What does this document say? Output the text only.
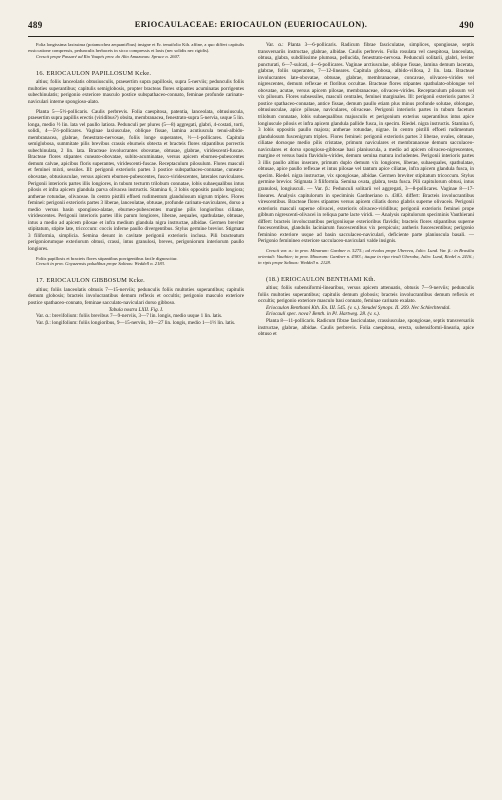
489	ERIOCAULACEAE: ERIOCAULON (EUERIOCAULON).	490

Folia longissima laxissima (potamochea aequanti!bus) insigne et Er. tenuifolio Kth. affine, a quo differt capitulis exsiccatione compressis, pedunculis herbaceis in sicco compressis et laxis (nec solidis nec rigidis).

Crescit prope Passaré ad Rio Vaupés prov. do Alto Amazonas: Spruce n. 2607.

16. ERIOCAULON PAPILLOSUM Kcke.

altius; foliis lanceolatis obtusiusculis, praesertim supra papillosis, supra 5-nerviis; pedunculis foliis multoties superantibus; capitulis semiglobosis, propter bracteas flores stipantes acuminatas porrigentes subechinulatis; perigonio exteriore masculo postice subspathaceo-connato, feminae profunde carinato-naviculari interne spongioso-alato.

Planta 5—5½-pollicaris. Caulis perbrevis. Folia caespitosa, patentia, lanceolata, obtusiuscula, praesertim supra papillis erectis (viridibus?) obsita, membranacea, fenestrato-supra 5-nervia, usque 5 lin. longa, medio ½ lin. lata vel paullo latiora. Pedunculi per plures (5—8) aggregati, glabri, 4-costati, torti, solidi, 4—5½-pollicares. Vaginae laxiusculae, oblique fissae, lamina acutiuscula tenui-albido-membranacea, glabrae, fenestrato-nervosae, foliis longe superantes, ½—1-pollicares. Capitula semiglobosa, summitate pilis brevibus crassis eburneis obtecta et bracteis flores stipantibus porrectis subechinulata, 2 lin. lata. Bracteae involucrantes obovatae, obtusae, glabrae, viridescenti-fuscae. Bracteae flores stipantes cuneato-obovatae, subito-acuminatae, versus apicem eburneo-pubescentes demum calvae, apicibus floris superantes, viridescenti-fuscae. Receptaculum pilosulum. Flores masculi et feminei mixti, sessiles. Ill: perigonii exterioris partes 3 postice subspathaceo-connatae, cuneato-obovatae, obtusiusculae, versus apicem eburneo-pubescentes, fusco-viridescentes, laterales naviculares. Perigonii interioris partes illis longiores, in tubum tecturm trilobum connatae, lobis subaequalibus intus pilosis et infra apicem glandula parva olivacea instructis. Stamina 6, 3 lobis oppositis paullo longiora; antherae rotundae, olivaceae. In centro pistilli effoeti rudimentum glandulosum nigrum triplex. Flores feminei: perigonii exterioris partes 3 liberae, lanceolatae, obtusae, profunde carinato-naviculares, dorso a medio versus basin spongioso-alatae, eburneo-pubescentes margine pilis longioribus ciliatae, viridescentes. Perigonii interioris partes illis parum longiores, liberae, aequales, spathulatae, obtusae, intus a medio ad apicem pilosae et infra medium glandula nigra instructae, albidae. Germen breviter stipitatum, stipite late, triccccum: coccis inferne paullo divergentibus. Stylus germine brevior. Stigmata 3 filiformia, simplicia. Semina desunt in cavitate perigonii exterioris inclusa. Pili bracteatum perigoniorumque exteriorum obtusi, crassi, intus granulosi, breves, perigoniorum interiorum paullo longiores.

Foliis papillosis et bracteis flores stipantibus porrigentibus facile dignoscitur.

Crescit in prov. Goyazensis paludibus prope Salinas: Weddell n. 2183.

17. ERIOCAULON GIBBOSUM Kcke.

altius; foliis lanceolatis obtusis 7—15-nerviis; pedunculis foliis multoties superantibus; capitulis demum globosis; bracteis involucrantibus demum reflexis et occultis; perigonio masculo exteriore postice spathaceo-connato, feminae sacculato-naviculari dorso gibboso.

Tabula nostra LXII. Fig. I.

Var. α.: brevifolium: foliis brevibus 7—9-nerviis, 3—7 lin. longis, medio usque 1 lin. latis.

Var. β.: longifolium: foliis longioribus, 9—15-nerviis, 10—27 lin. longis, medio 1—1½ lin. latis.

Var. α.: Planta 3—6-pollicaris. Radicum fibrae fasciculatae, simplices, spongiosae, septis transversariis instructae, glabrae, albidae. Caulis perbrevis. Folia rosulata vel caespitosa, lanceolata, obtusa, glabra, subdilissime plumosa, pellucida, fenestrato-nervosa. Pedunculi solitarii, glabri, leviter puncturati, 6—7-sulcati, 4—6-pollicares. Vaginae arctiusculae, oblique fissae, lamina demum lacerata, glabrae, foliis superantes, 7—12-lineares. Capitula globosa, albido-villosa, 2 lin. lata. Bracteae involucrantes late-obovatae, obtusae, glabrae, membranaceae, concavae, olivaceo-virides vel nigrescentes, demum reflexae et floribus occultae. Bracteae flores stipantes spathulato-oblongae vel obovatae, acutae, versus apicem pilosae, membranaceae, olivaceo-virides. Receptaculum pilosum vel vix pilosum. Flores subsessiles, masculi centrales, feminei marginales. Ill: perigonii exterioris partes 3 postice spathaceo-connatae, antice fissae, demum paullo etiam plus minus profunde solutae, oblongae, obtusiusculae, apice pilosae, naviculares, olivaceae. Perigonii interioris partes in tubum facetum trilobum connatae, lobis subaequalibus majusculis et perigonium exterius superantibus intus apice longiuscule pilosis et infra apicem glandula pallide fusca, in specim. Riedel. nigra instructis. Stamina 6, 3 lobis oppositis paullo majora; antherae rotundae, nigrae. In centro pistilli effoeti rudimentum glandulosum fuscenigrum triplex. Flores feminei: perigonii exterioris partes 3 liberae, ovales, obtusae, ciliatae dorsoque medio pilis cristatae, primum naviculares et membranaceae demum sacculaceo-naviculares et dorso spongioso-gibbosae basi planiuscula, a medio ad apicem olivaceo-nigrescentes, margine et versus basin flavidulo-virides, demum semina matura includentes. Perigonii interioris partes 3 illis paullo altius inserare, primum duplo demum vix longiores, liberae, subaequales, spathulatae, obtusae, apice paullo reflexae et intus pilosae vel tantum apice ciliatae, infra apicem glandula fusca, in specim. Riedel. nigra instructae, vix spongiosae, albidae. Germen breviter stipitatum tricoccum. Stylus germine brevior. Stigmata 3 filiformia. Semina ovata, glabra, testa fusca. Pili capitulorum obtusi, intus granulosi, longiusculi. — Var. β.: Pedunculi solitarii vel aggregati, 3—8-pollicares. Vaginae 8—17-lineares. Analysis capitulorum in speciminis Gardneriano n. 4383. differt: Bracteis involucrantibus virescentibus. Bracteae flores stipantes versus apicem ciliatis dorso glabris superne olivaceis. Perigonii exterioris masculi superne olivacei, exterioris olivaceo-viridibus; perigonii exterioris feminei prope gibbum nigrescenti-olivacei in reliqua parte lacte viridi. — Analysis capitulorum speciminis Vauthierani differt: bracteis involucrantibus perigoniisque exterioribus flavidis; bracteis flores stipantibus superne fuscescentibus, glandulis laciniarum fuscescentibus vix perspicuis; antheris fuscescentibus; perigonio feminino exteriore usque ad basin sacculaceo-naviculari, deficiente parte planiuscula basali. — Perigonio feminineo exteriore sacculaceo-naviculari valde insignis.

Crescit var. α.: in prov. Minarum: Gardner n. 5275.; ad rivulos prope Ubereva, Julio: Lund. Var. β.: in Brasilia orientali: Vauthier; in prov. Minarum: Gardner n. 4383.; itaque in ripa rivuli Uberaba, Julio: Lund, Riedel n. 2416.; in ripis prope Salinas: Weddell n. 2128.

(18.) ERIOCAULON BENTHAMI Kth.

altius; foliis subensiformi-linearibus, versus apicem attenuatis, obtusis 7—9-nerviis; pedunculis foliis multoties superantibus; capitulis demum globosis; bracteis involucrantibus demum reflexis et occultis; perigonio exteriore masculo basi connato, feminae carinato exalato.

Eriocaulon Benthami Kth. En. III. 545. (v. s.). Steudel Synops. II. 269. Nec Schlechtendal.

Eriocauli spec. nova? Benth. in Pl. Hartweg. 28. (v. s.).

Planta 8—11-pollicaris. Radicum fibrae fasciculatae, crassiusculae, spongiosae, septis transversariis instructae, glabrae, albidae. Caulis perbrevis. Folia caespitosa, erecta, subensiformi-linearia, apice obtuso et
